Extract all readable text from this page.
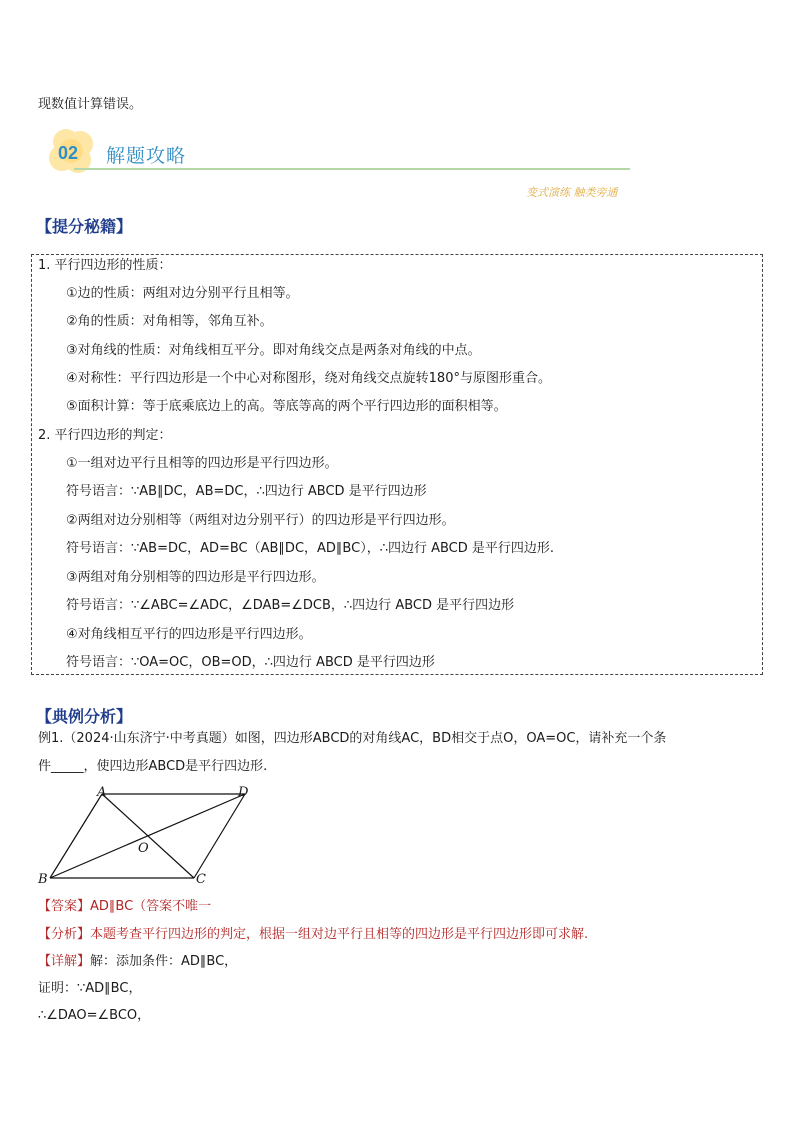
现数值计算错误。
02 解题攻略
变式演练 触类旁通
【提分秘籍】
1. 平行四边形的性质：
①边的性质：两组对边分别平行且相等。
②角的性质：对角相等，邻角互补。
③对角线的性质：对角线相互平分。即对角线交点是两条对角线的中点。
④对称性：平行四边形是一个中心对称图形，绕对角线交点旋转180°与原图形重合。
⑤面积计算：等于底乘底边上的高。等底等高的两个平行四边形的面积相等。
2. 平行四边形的判定：
①一组对边平行且相等的四边形是平行四边形。
符号语言：∵AB∥DC，AB=DC，∴四边行 ABCD 是平行四边形
②两组对边分别相等（两组对边分别平行）的四边形是平行四边形。
符号语言：∵AB=DC，AD=BC（AB∥DC，AD∥BC），∴四边行 ABCD 是平行四边形.
③两组对角分别相等的四边形是平行四边形。
符号语言：∵∠ABC=∠ADC，∠DAB=∠DCB，∴四边行 ABCD 是平行四边形
④对角线相互平行的四边形是平行四边形。
符号语言：∵OA=OC，OB=OD，∴四边行 ABCD 是平行四边形
【典例分析】
例1.（2024·山东济宁·中考真题）如图，四边形ABCD的对角线AC，BD相交于点O，OA=OC，请补充一个条
件_____，使四边形ABCD是平行四边形.
A	D
O
B	C
【答案】AD∥BC（答案不唯一
【分析】本题考查平行四边形的判定，根据一组对边平行且相等的四边形是平行四边形即可求解.
【详解】解：添加条件：AD∥BC，
证明：∵AD∥BC，
∴∠DAO=∠BCO，
